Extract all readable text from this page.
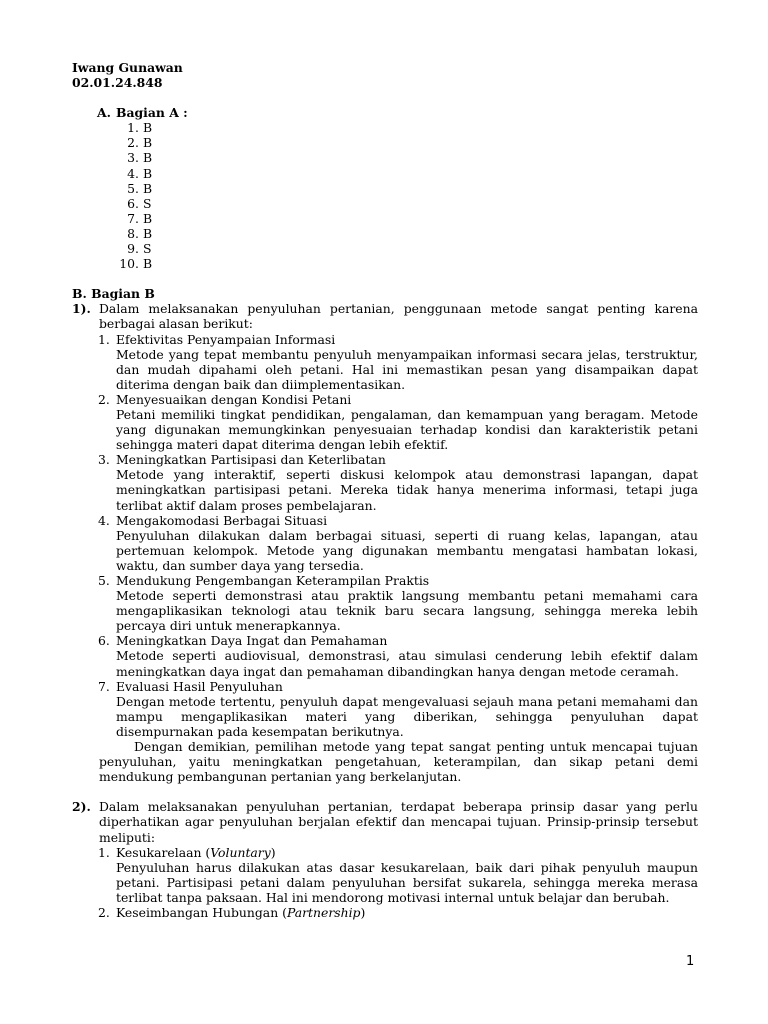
Iwang Gunawan
02.01.24.848
A. Bagian A :
1. B
2. B
3. B
4. B
5. B
6. S
7. B
8. B
9. S
10. B
B. Bagian B
1). Dalam melaksanakan penyuluhan pertanian, penggunaan metode sangat penting karena berbagai alasan berikut:
1. Efektivitas Penyampaian Informasi
Metode yang tepat membantu penyuluh menyampaikan informasi secara jelas, terstruktur, dan mudah dipahami oleh petani. Hal ini memastikan pesan yang disampaikan dapat diterima dengan baik dan diimplementasikan.
2. Menyesuaikan dengan Kondisi Petani
Petani memiliki tingkat pendidikan, pengalaman, dan kemampuan yang beragam. Metode yang digunakan memungkinkan penyesuaian terhadap kondisi dan karakteristik petani sehingga materi dapat diterima dengan lebih efektif.
3. Meningkatkan Partisipasi dan Keterlibatan
Metode yang interaktif, seperti diskusi kelompok atau demonstrasi lapangan, dapat meningkatkan partisipasi petani. Mereka tidak hanya menerima informasi, tetapi juga terlibat aktif dalam proses pembelajaran.
4. Mengakomodasi Berbagai Situasi
Penyuluhan dilakukan dalam berbagai situasi, seperti di ruang kelas, lapangan, atau pertemuan kelompok. Metode yang digunakan membantu mengatasi hambatan lokasi, waktu, dan sumber daya yang tersedia.
5. Mendukung Pengembangan Keterampilan Praktis
Metode seperti demonstrasi atau praktik langsung membantu petani memahami cara mengaplikasikan teknologi atau teknik baru secara langsung, sehingga mereka lebih percaya diri untuk menerapkannya.
6. Meningkatkan Daya Ingat dan Pemahaman
Metode seperti audiovisual, demonstrasi, atau simulasi cenderung lebih efektif dalam meningkatkan daya ingat dan pemahaman dibandingkan hanya dengan metode ceramah.
7. Evaluasi Hasil Penyuluhan
Dengan metode tertentu, penyuluh dapat mengevaluasi sejauh mana petani memahami dan mampu mengaplikasikan materi yang diberikan, sehingga penyuluhan dapat disempurnakan pada kesempatan berikutnya.
Dengan demikian, pemilihan metode yang tepat sangat penting untuk mencapai tujuan penyuluhan, yaitu meningkatkan pengetahuan, keterampilan, dan sikap petani demi mendukung pembangunan pertanian yang berkelanjutan.
2). Dalam melaksanakan penyuluhan pertanian, terdapat beberapa prinsip dasar yang perlu diperhatikan agar penyuluhan berjalan efektif dan mencapai tujuan. Prinsip-prinsip tersebut meliputi:
1. Kesukarelaan (Voluntary)
Penyuluhan harus dilakukan atas dasar kesukarelaan, baik dari pihak penyuluh maupun petani. Partisipasi petani dalam penyuluhan bersifat sukarela, sehingga mereka merasa terlibat tanpa paksaan. Hal ini mendorong motivasi internal untuk belajar dan berubah.
2. Keseimbangan Hubungan (Partnership)
1
